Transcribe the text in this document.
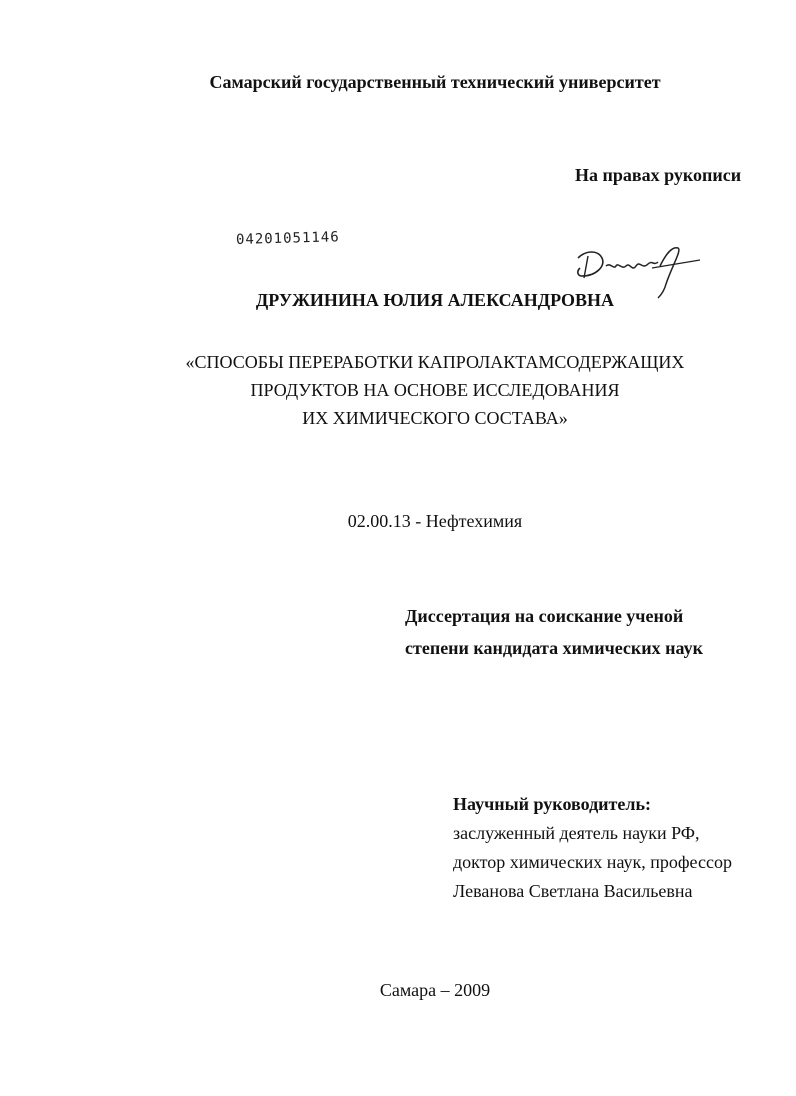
Самарский государственный технический университет
На правах рукописи
04201051146
ДРУЖИНИНА ЮЛИЯ АЛЕКСАНДРОВНА
«СПОСОБЫ ПЕРЕРАБОТКИ КАПРОЛАКТАМСОДЕРЖАЩИХ
ПРОДУКТОВ НА ОСНОВЕ ИССЛЕДОВАНИЯ
ИХ ХИМИЧЕСКОГО СОСТАВА»
02.00.13 - Нефтехимия
Диссертация на соискание ученой
степени кандидата химических наук
Научный руководитель:
заслуженный деятель науки РФ,
доктор химических наук, профессор
Леванова Светлана Васильевна
Самара – 2009
